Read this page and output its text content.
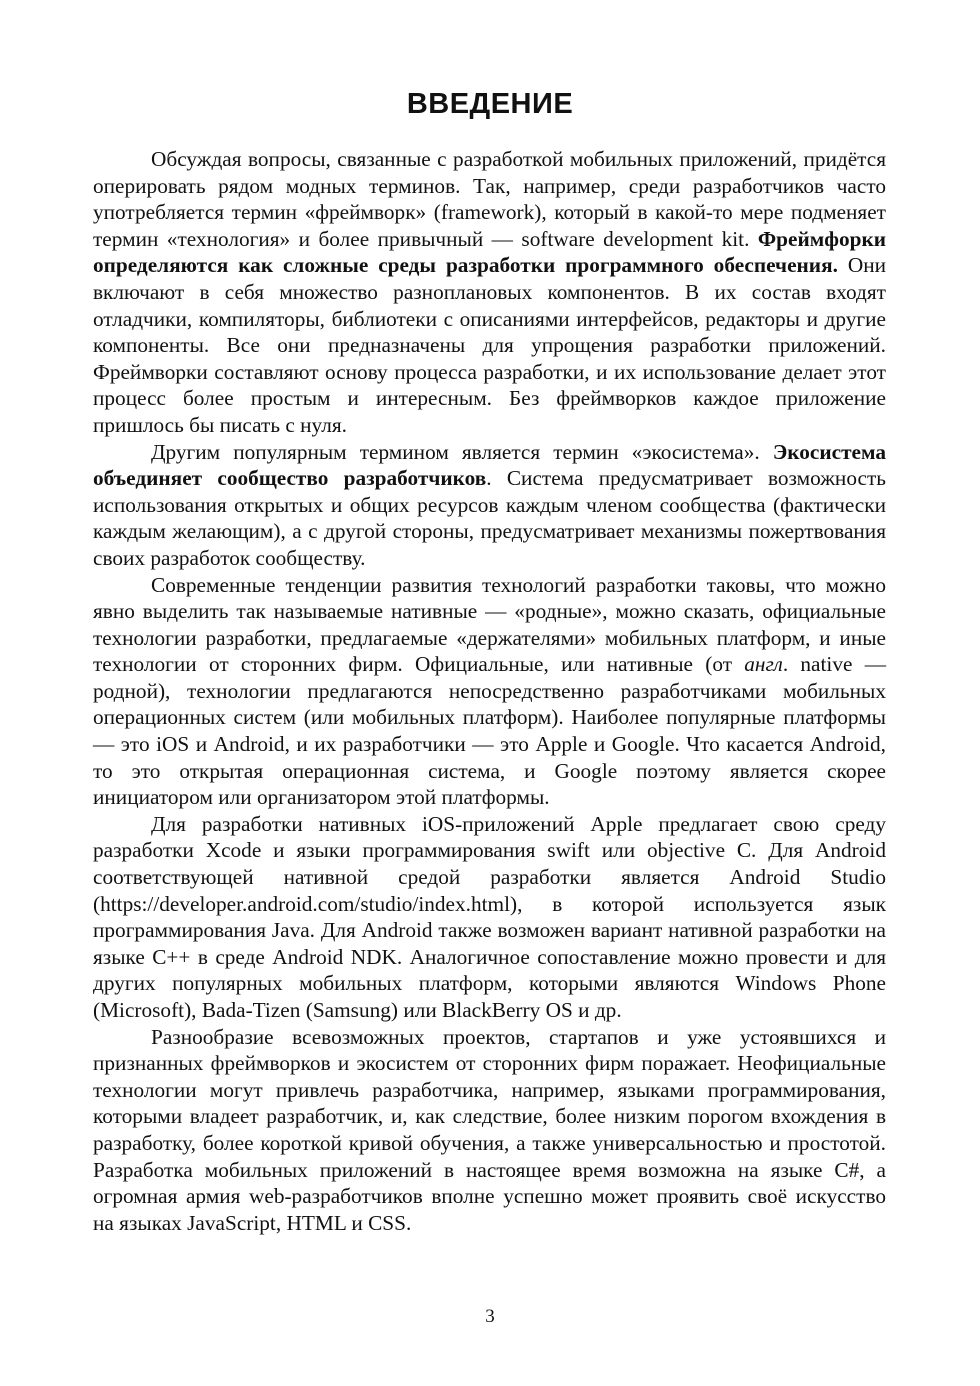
ВВЕДЕНИЕ

Обсуждая вопросы, связанные с разработкой мобильных приложений, придётся оперировать рядом модных терминов. Так, например, среди разработчиков часто употребляется термин «фреймворк» (framework), который в какой-то мере подменяет термин «технология» и более привычный — software development kit. Фреймфорки определяются как сложные среды разработки программного обеспечения. Они включают в себя множество разноплановых компонентов. В их состав входят отладчики, компиляторы, библиотеки с описаниями интерфейсов, редакторы и другие компоненты. Все они предназначены для упрощения разработки приложений. Фреймворки составляют основу процесса разработки, и их использование делает этот процесс более простым и интересным. Без фреймворков каждое приложение пришлось бы писать с нуля.

Другим популярным термином является термин «экосистема». Экосистема объединяет сообщество разработчиков. Система предусматривает возможность использования открытых и общих ресурсов каждым членом сообщества (фактически каждым желающим), а с другой стороны, предусматривает механизмы пожертвования своих разработок сообществу.

Современные тенденции развития технологий разработки таковы, что можно явно выделить так называемые нативные — «родные», можно сказать, официальные технологии разработки, предлагаемые «держателями» мобильных платформ, и иные технологии от сторонних фирм. Официальные, или нативные (от англ. native — родной), технологии предлагаются непосредственно разработчиками мобильных операционных систем (или мобильных платформ). Наиболее популярные платформы — это iOS и Android, и их разработчики — это Apple и Google. Что касается Android, то это открытая операционная система, и Google поэтому является скорее инициатором или организатором этой платформы.

Для разработки нативных iOS-приложений Apple предлагает свою среду разработки Xcode и языки программирования swift или objective C. Для Android соответствующей нативной средой разработки является Android Studio (https://developer.android.com/studio/index.html), в которой используется язык программирования Java. Для Android также возможен вариант нативной разработки на языке C++ в среде Android NDK. Аналогичное сопоставление можно провести и для других популярных мобильных платформ, которыми являются Windows Phone (Microsoft), Bada-Tizen (Samsung) или BlackBerry OS и др.

Разнообразие всевозможных проектов, стартапов и уже устоявшихся и признанных фреймворков и экосистем от сторонних фирм поражает. Неофициальные технологии могут привлечь разработчика, например, языками программирования, которыми владеет разработчик, и, как следствие, более низким порогом вхождения в разработку, более короткой кривой обучения, а также универсальностью и простотой. Разработка мобильных приложений в настоящее время возможна на языке C#, а огромная армия web-разработчиков вполне успешно может проявить своё искусство на языках JavaScript, HTML и CSS.

3
